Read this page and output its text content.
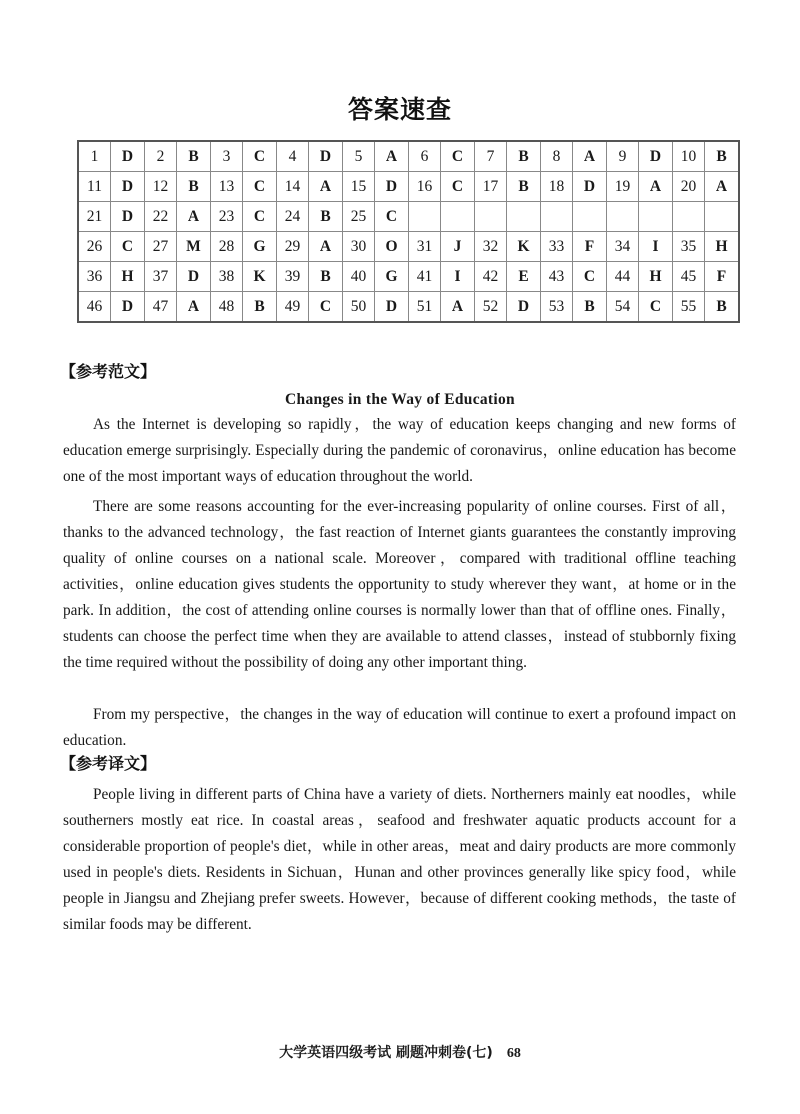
答案速查
1	D	2	B	3	C	4	D	5	A	6	C	7	B	8	A	9	D	10	B
11	D	12	B	13	C	14	A	15	D	16	C	17	B	18	D	19	A	20	A
21	D	22	A	23	C	24	B	25	C										
26	C	27	M	28	G	29	A	30	O	31	J	32	K	33	F	34	I	35	H
36	H	37	D	38	K	39	B	40	G	41	I	42	E	43	C	44	H	45	F
46	D	47	A	48	B	49	C	50	D	51	A	52	D	53	B	54	C	55	B
【参考范文】
Changes in the Way of Education

As the Internet is developing so rapidly，the way of education keeps changing and new forms of education emerge surprisingly. Especially during the pandemic of coronavirus，online education has become one of the most important ways of education throughout the world.

There are some reasons accounting for the ever-increasing popularity of online courses. First of all，thanks to the advanced technology，the fast reaction of Internet giants guarantees the constantly improving quality of online courses on a national scale. Moreover，compared with traditional offline teaching activities，online education gives students the opportunity to study wherever they want，at home or in the park. In addition，the cost of attending online courses is normally lower than that of offline ones. Finally，students can choose the perfect time when they are available to attend classes，instead of stubbornly fixing the time required without the possibility of doing any other important thing.

From my perspective，the changes in the way of education will continue to exert a profound impact on education.

【参考译文】

People living in different parts of China have a variety of diets. Northerners mainly eat noodles，while southerners mostly eat rice. In coastal areas，seafood and freshwater aquatic products account for a considerable proportion of people's diet，while in other areas，meat and dairy products are more commonly used in people's diets. Residents in Sichuan，Hunan and other provinces generally like spicy food，while people in Jiangsu and Zhejiang prefer sweets. However，because of different cooking methods，the taste of similar foods may be different.

大学英语四级考试 刷题冲刺卷(七) 68
